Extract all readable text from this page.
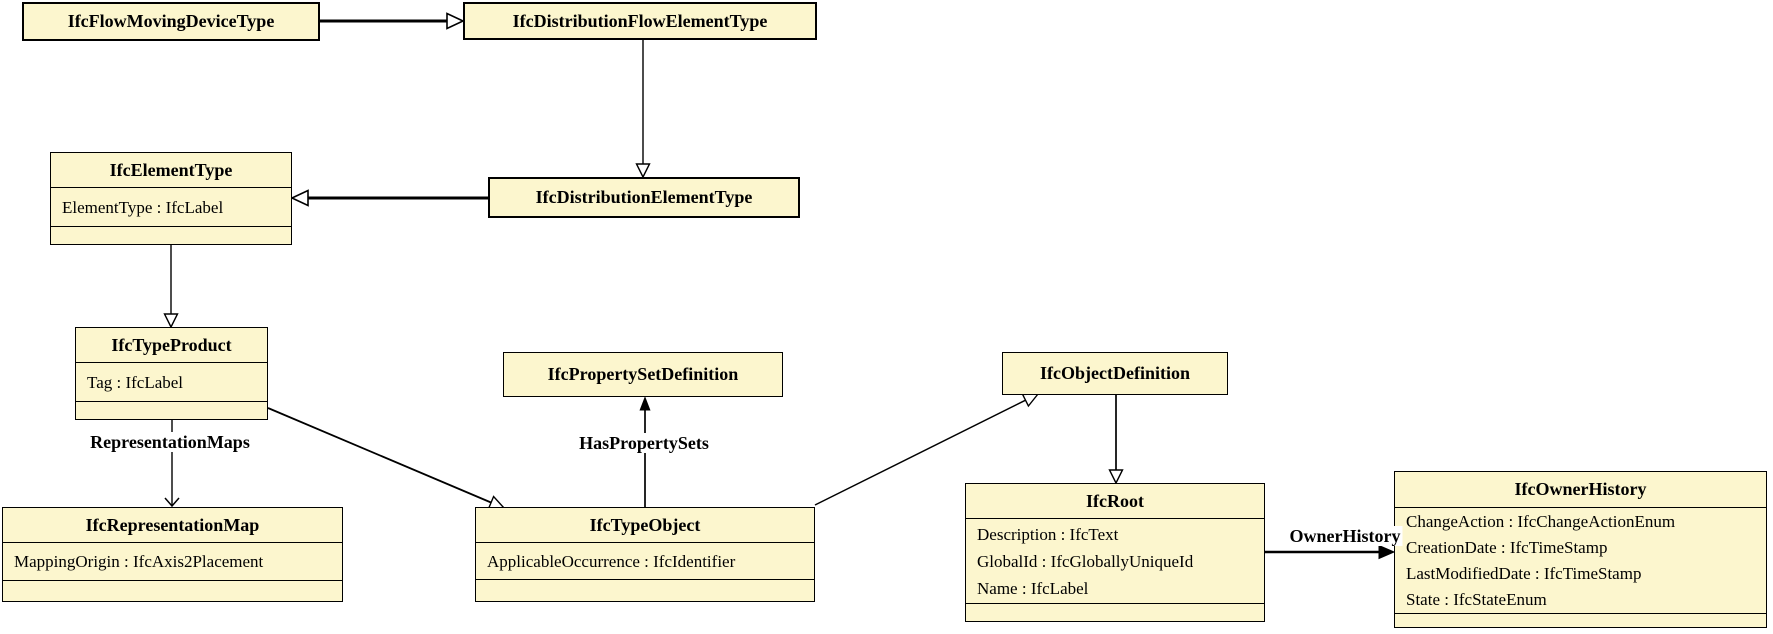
IfcFlowMovingDeviceType	IfcDistributionFlowElementType
IfcElementType
ElementType : IfcLabel	IfcDistributionElementType
IfcTypeProduct
Tag : IfcLabel	IfcPropertySetDefinition	IfcObjectDefinition
IfcRepresentationMap
MappingOrigin : IfcAxis2Placement
IfcTypeObject
ApplicableOccurrence : IfcIdentifier
IfcRoot
Description : IfcText
GlobalId : IfcGloballyUniqueId
Name : IfcLabel
IfcOwnerHistory
ChangeAction : IfcChangeActionEnum
CreationDate : IfcTimeStamp
LastModifiedDate : IfcTimeStamp
State : IfcStateEnum
RepresentationMaps	HasPropertySets
OwnerHistory
